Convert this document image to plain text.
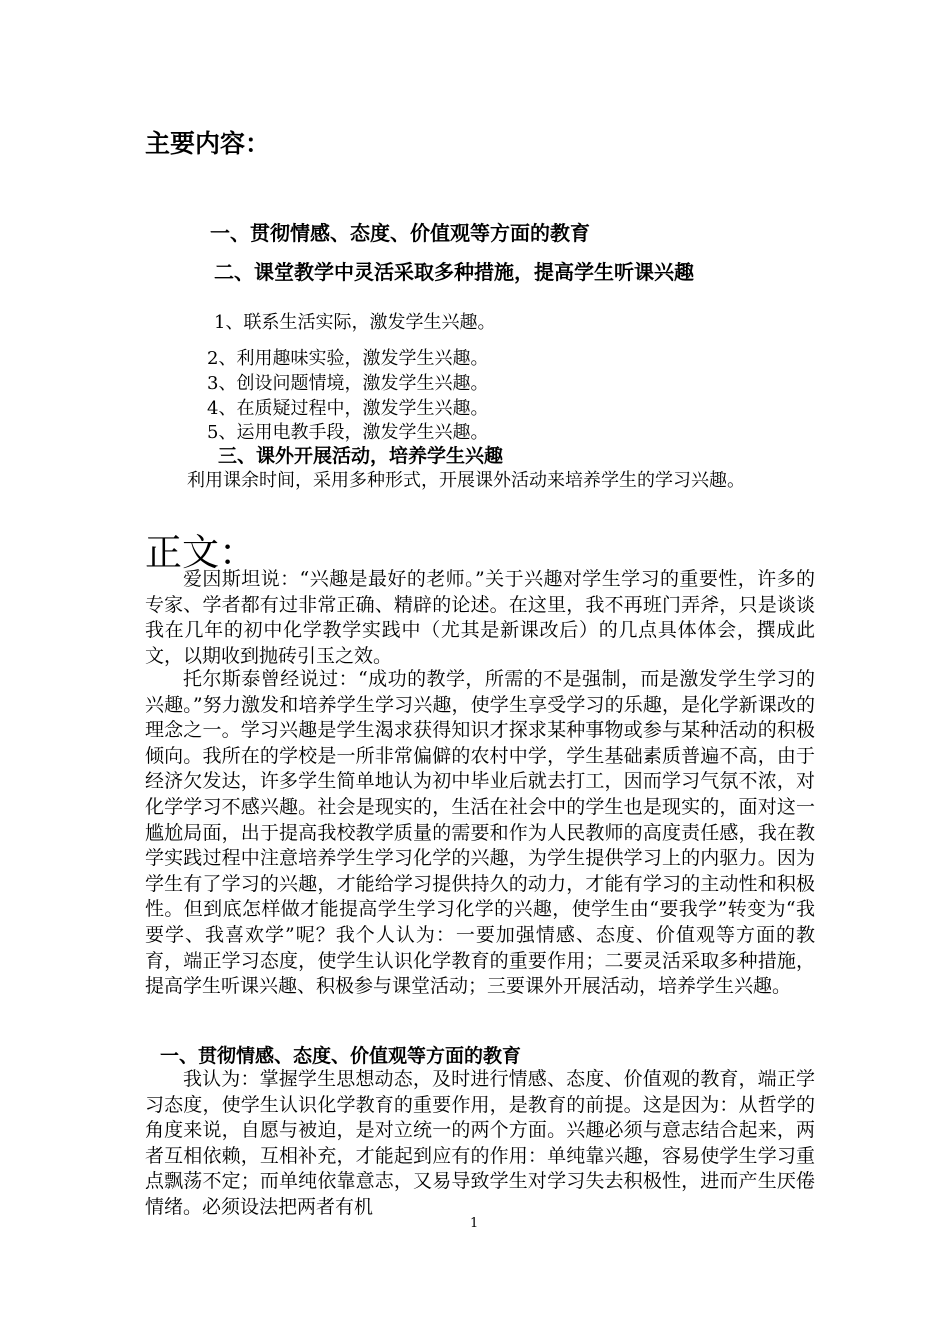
主要内容：
一、贯彻情感、态度、价值观等方面的教育
二、课堂教学中灵活采取多种措施，提高学生听课兴趣
1、联系生活实际，激发学生兴趣。
2、利用趣味实验，激发学生兴趣。
3、创设问题情境，激发学生兴趣。
4、在质疑过程中，激发学生兴趣。
5、运用电教手段，激发学生兴趣。
三、课外开展活动，培养学生兴趣
利用课余时间，采用多种形式，开展课外活动来培养学生的学习兴趣。
正文：
爱因斯坦说：“兴趣是最好的老师。”关于兴趣对学生学习的重要性，许多的专家、学者都有过非常正确、精辟的论述。在这里，我不再班门弄斧，只是谈谈我在几年的初中化学教学实践中（尤其是新课改后）的几点具体体会，撰成此文，以期收到抛砖引玉之效。
托尔斯泰曾经说过：“成功的教学，所需的不是强制，而是激发学生学习的兴趣。”努力激发和培养学生学习兴趣，使学生享受学习的乐趣，是化学新课改的理念之一。学习兴趣是学生渴求获得知识才探求某种事物或参与某种活动的积极倾向。我所在的学校是一所非常偏僻的农村中学，学生基础素质普遍不高，由于经济欠发达，许多学生简单地认为初中毕业后就去打工，因而学习气氛不浓，对化学学习不感兴趣。社会是现实的，生活在社会中的学生也是现实的，面对这一尴尬局面，出于提高我校教学质量的需要和作为人民教师的高度责任感，我在教学实践过程中注意培养学生学习化学的兴趣，为学生提供学习上的内驱力。因为学生有了学习的兴趣，才能给学习提供持久的动力，才能有学习的主动性和积极性。但到底怎样做才能提高学生学习化学的兴趣，使学生由“要我学”转变为“我要学、我喜欢学”呢？我个人认为：一要加强情感、态度、价值观等方面的教育，端正学习态度，使学生认识化学教育的重要作用；二要灵活采取多种措施，提高学生听课兴趣、积极参与课堂活动；三要课外开展活动，培养学生兴趣。
一、贯彻情感、态度、价值观等方面的教育
我认为：掌握学生思想动态，及时进行情感、态度、价值观的教育，端正学习态度，使学生认识化学教育的重要作用，是教育的前提。这是因为：从哲学的角度来说，自愿与被迫，是对立统一的两个方面。兴趣必须与意志结合起来，两者互相依赖，互相补充，才能起到应有的作用：单纯靠兴趣，容易使学生学习重点飘荡不定；而单纯依靠意志，又易导致学生对学习失去积极性，进而产生厌倦情绪。必须设法把两者有机
1
